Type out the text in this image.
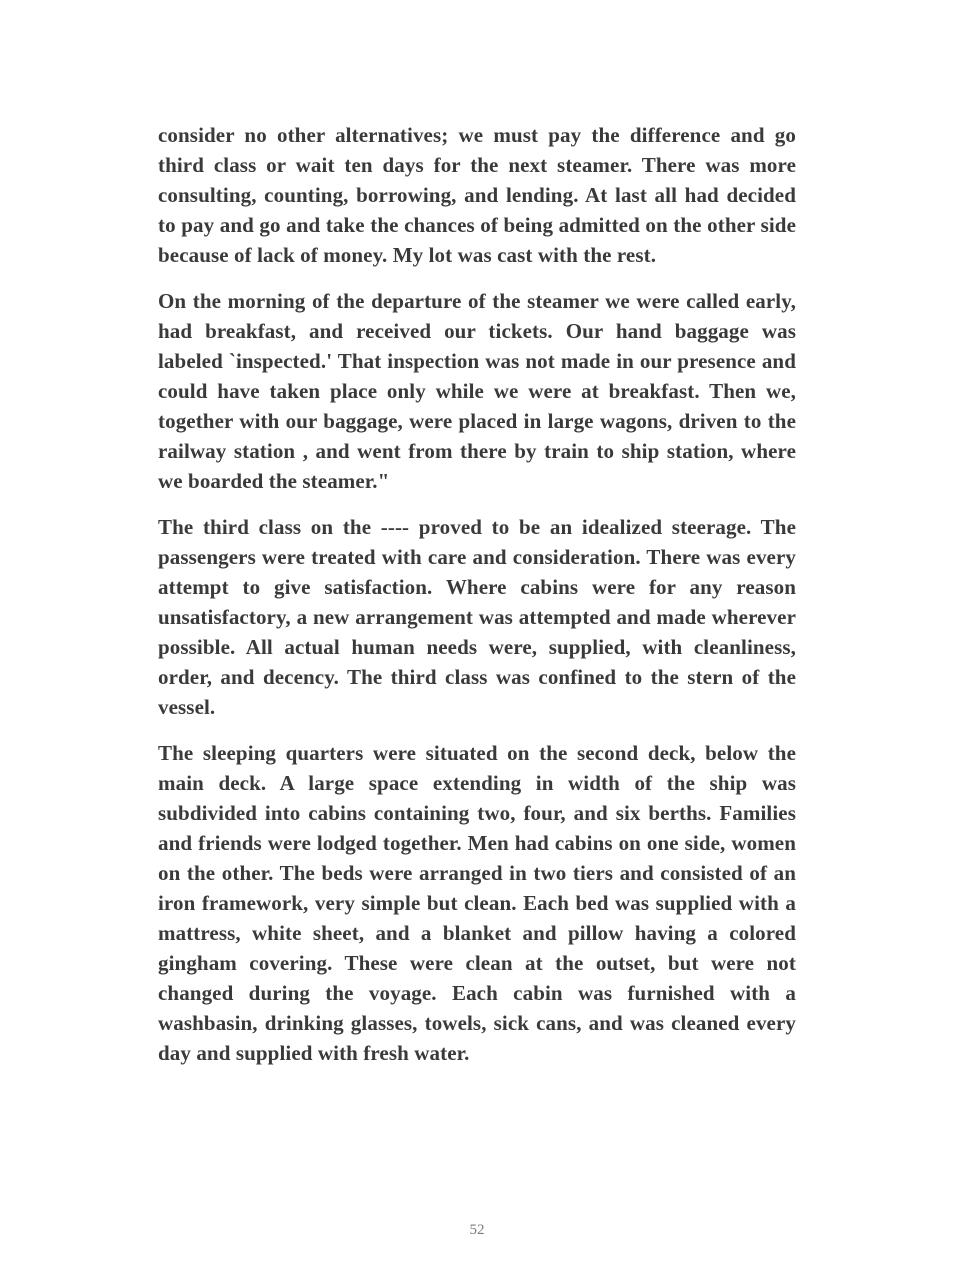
consider no other alternatives; we must pay the difference and go third class or wait ten days for the next steamer. There was more consulting, counting, borrowing, and lending. At last all had decided to pay and go and take the chances of being admitted on the other side because of lack of money. My lot was cast with the rest.

On the morning of the departure of the steamer we were called early, had breakfast, and received our tickets. Our hand baggage was labeled `inspected.' That inspection was not made in our presence and could have taken place only while we were at breakfast. Then we, together with our baggage, were placed in large wagons, driven to the railway station , and went from there by train to ship station, where we boarded the steamer."

The third class on the ---- proved to be an idealized steerage. The passengers were treated with care and consideration. There was every attempt to give satisfaction. Where cabins were for any reason unsatisfactory, a new arrangement was attempted and made wherever possible. All actual human needs were, supplied, with cleanliness, order, and decency. The third class was confined to the stern of the vessel.

The sleeping quarters were situated on the second deck, below the main deck. A large space extending in width of the ship was subdivided into cabins containing two, four, and six berths. Families and friends were lodged together. Men had cabins on one side, women on the other. The beds were arranged in two tiers and consisted of an iron framework, very simple but clean. Each bed was supplied with a mattress, white sheet, and a blanket and pillow having a colored gingham covering. These were clean at the outset, but were not changed during the voyage. Each cabin was furnished with a washbasin, drinking glasses, towels, sick cans, and was cleaned every day and supplied with fresh water.

52
